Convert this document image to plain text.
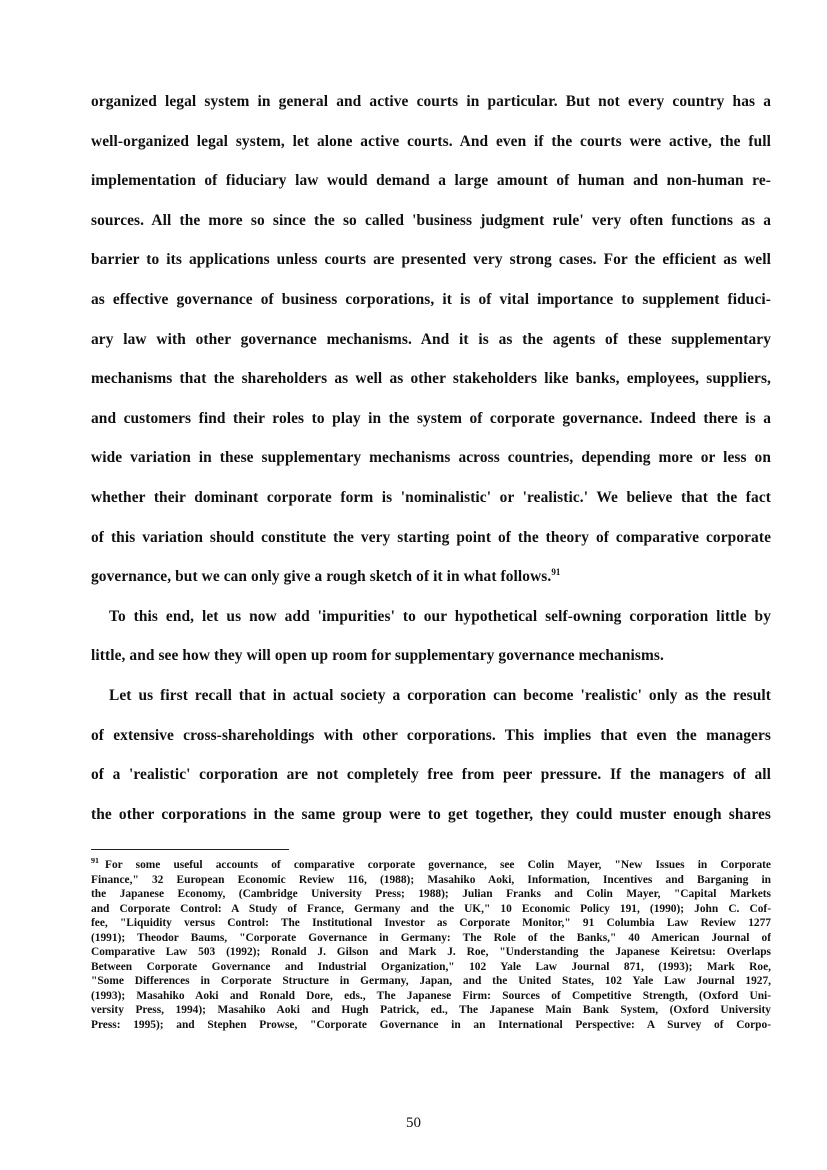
organized legal system in general and active courts in particular. But not every country has a
well-organized legal system, let alone active courts. And even if the courts were active, the full
implementation of fiduciary law would demand a large amount of human and non-human re-
sources. All the more so since the so called 'business judgment rule' very often functions as a
barrier to its applications unless courts are presented very strong cases. For the efficient as well
as effective governance of business corporations, it is of vital importance to supplement fiduci-
ary law with other governance mechanisms. And it is as the agents of these supplementary
mechanisms that the shareholders as well as other stakeholders like banks, employees, suppliers,
and customers find their roles to play in the system of corporate governance. Indeed there is a
wide variation in these supplementary mechanisms across countries, depending more or less on
whether their dominant corporate form is 'nominalistic' or 'realistic.' We believe that the fact
of this variation should constitute the very starting point of the theory of comparative corporate
governance, but we can only give a rough sketch of it in what follows.$^{91}$
To this end, let us now add 'impurities' to our hypothetical self-owning corporation little by
little, and see how they will open up room for supplementary governance mechanisms.
Let us first recall that in actual society a corporation can become 'realistic' only as the result
of extensive cross-shareholdings with other corporations. This implies that even the managers
of a 'realistic' corporation are not completely free from peer pressure. If the managers of all
the other corporations in the same group were to get together, they could muster enough shares
$^{91}$ For some useful accounts of comparative corporate governance, see Colin Mayer, "New Issues in Corporate
Finance," 32 European Economic Review 116, (1988); Masahiko Aoki, Information, Incentives and Barganing in
the Japanese Economy, (Cambridge University Press; 1988); Julian Franks and Colin Mayer, "Capital Markets
and Corporate Control: A Study of France, Germany and the UK," 10 Economic Policy 191, (1990); John C. Cof-
fee, "Liquidity versus Control: The Institutional Investor as Corporate Monitor," 91 Columbia Law Review 1277
(1991); Theodor Baums, "Corporate Governance in Germany: The Role of the Banks," 40 American Journal of
Comparative Law 503 (1992); Ronald J. Gilson and Mark J. Roe, "Understanding the Japanese Keiretsu: Overlaps
Between Corporate Governance and Industrial Organization," 102 Yale Law Journal 871, (1993); Mark Roe,
"Some Differences in Corporate Structure in Germany, Japan, and the United States, 102 Yale Law Journal 1927,
(1993); Masahiko Aoki and Ronald Dore, eds., The Japanese Firm: Sources of Competitive Strength, (Oxford Uni-
versity Press, 1994); Masahiko Aoki and Hugh Patrick, ed., The Japanese Main Bank System, (Oxford University
Press: 1995); and Stephen Prowse, "Corporate Governance in an International Perspective: A Survey of Corpo-
50
